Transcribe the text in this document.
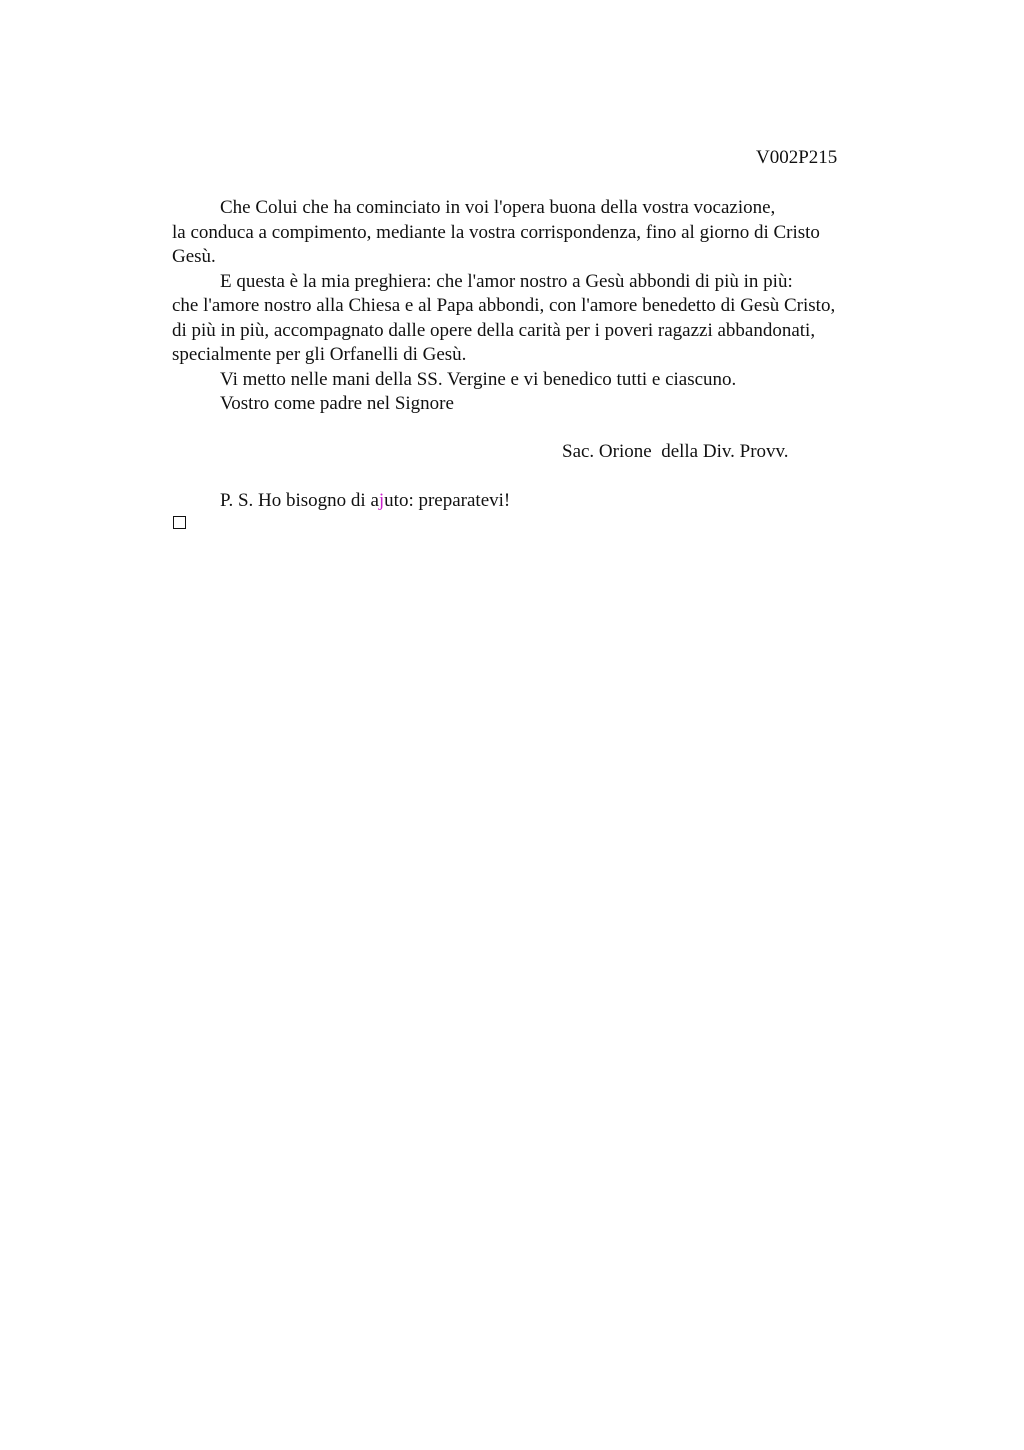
V002P215
Che Colui che ha cominciato in voi l'opera buona della vostra vocazione,
la conduca a compimento, mediante la vostra corrispondenza, fino al giorno di Cristo
Gesù.
E questa è la mia preghiera: che l'amor nostro a Gesù abbondi di più in più:
che l'amore nostro alla Chiesa e al Papa abbondi, con l'amore benedetto di Gesù Cristo,
di più in più, accompagnato dalle opere della carità per i poveri ragazzi abbandonati,
specialmente per gli Orfanelli di Gesù.
Vi metto nelle mani della SS. Vergine e vi benedico tutti e ciascuno.
Vostro come padre nel Signore
Sac. Orione  della Div. Provv.
P. S. Ho bisogno di ajuto: preparatevi!
